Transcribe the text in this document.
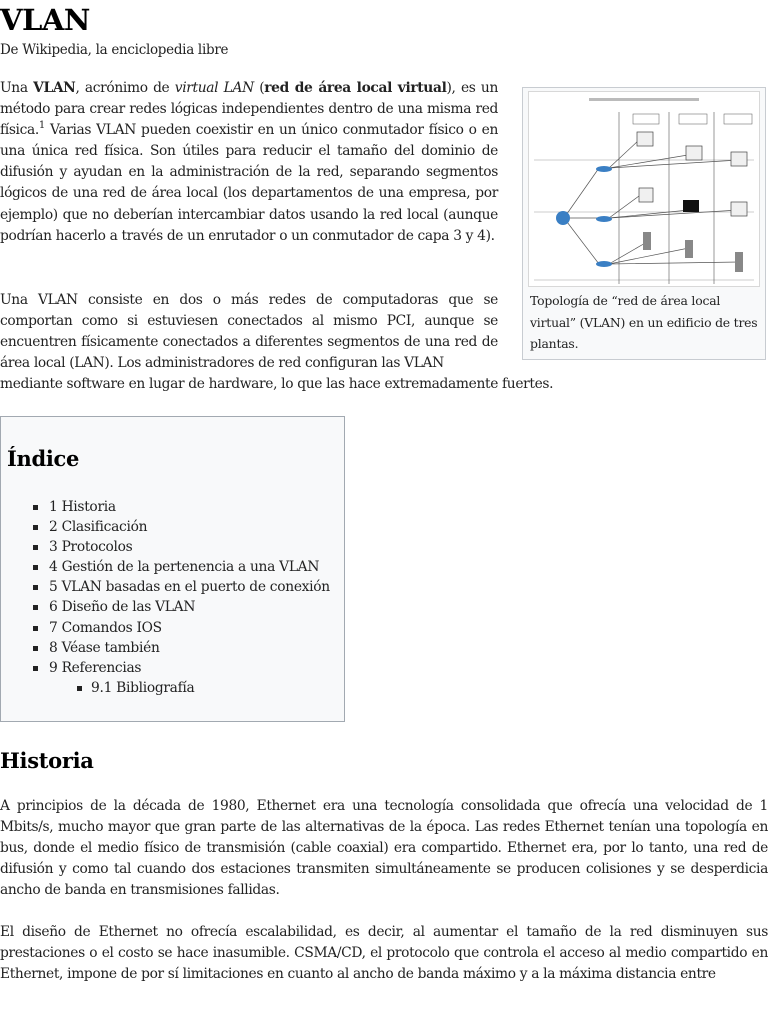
VLAN
De Wikipedia, la enciclopedia libre

Una VLAN, acrónimo de virtual LAN (red de área local virtual), es un método para crear redes lógicas independientes dentro de una misma red física.$^1$ Varias VLAN pueden coexistir en un único conmutador físico o en una única red física. Son útiles para reducir el tamaño del dominio de difusión y ayudan en la administración de la red, separando segmentos lógicos de una red de área local (los departamentos de una empresa, por ejemplo) que no deberían intercambiar datos usando la red local (aunque podrían hacerlo a través de un enrutador o un conmutador de capa 3 y 4).

Una VLAN consiste en dos o más redes de computadoras que se comportan como si estuviesen conectados al mismo PCI, aunque se encuentren físicamente conectados a diferentes segmentos de una red de área local (LAN). Los administradores de red configuran las VLAN

mediante software en lugar de hardware, lo que las hace extremadamente fuertes.
Topología de “red de área local virtual” (VLAN) en un edificio de tres plantas.
Índice
1 Historia
2 Clasificación
3 Protocolos
4 Gestión de la pertenencia a una VLAN
5 VLAN basadas en el puerto de conexión
6 Diseño de las VLAN
7 Comandos IOS
8 Véase también
9 Referencias
9.1 Bibliografía
Historia

A principios de la década de 1980, Ethernet era una tecnología consolidada que ofrecía una velocidad de 1 Mbits/s, mucho mayor que gran parte de las alternativas de la época. Las redes Ethernet tenían una topología en bus, donde el medio físico de transmisión (cable coaxial) era compartido. Ethernet era, por lo tanto, una red de difusión y como tal cuando dos estaciones transmiten simultáneamente se producen colisiones y se desperdicia ancho de banda en transmisiones fallidas.

El diseño de Ethernet no ofrecía escalabilidad, es decir, al aumentar el tamaño de la red disminuyen sus prestaciones o el costo se hace inasumible. CSMA/CD, el protocolo que controla el acceso al medio compartido en Ethernet, impone de por sí limitaciones en cuanto al ancho de banda máximo y a la máxima distancia entre
